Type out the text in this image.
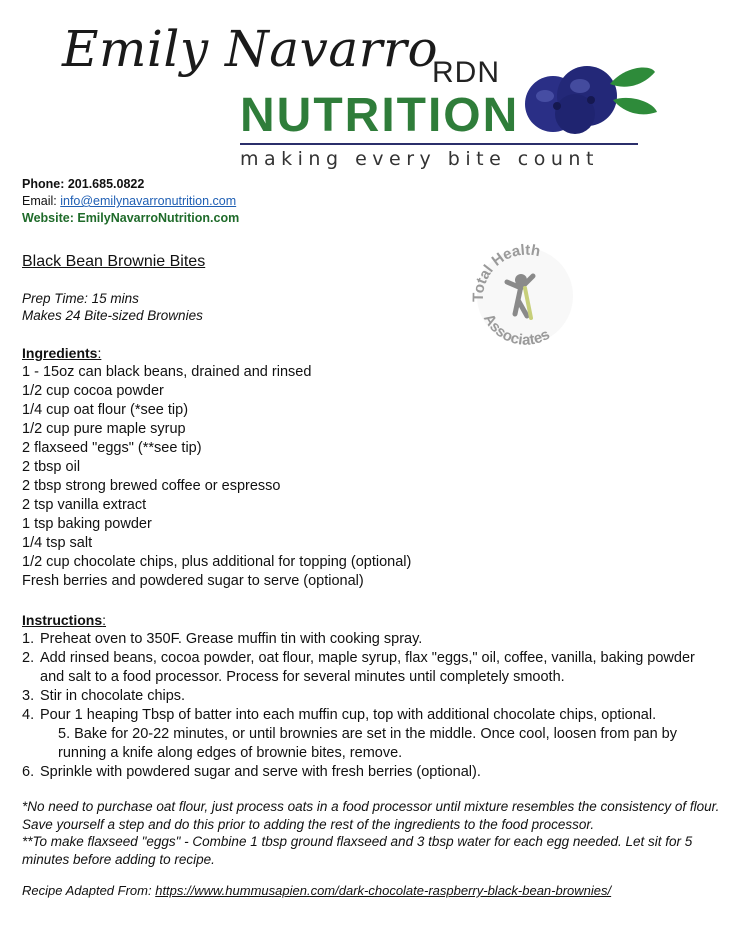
Emily Navarro
RDN
NUTRITION
making every bite count
Phone: 201.685.0822
Email: info@emilynavarronutrition.com
Website: EmilyNavarroNutrition.com
Total Health
Associates
Black Bean Brownie Bites
Prep Time: 15 mins
Makes 24 Bite-sized Brownies
Ingredients:
1 - 15oz can black beans, drained and rinsed
1/2 cup cocoa powder
1/4 cup oat flour (*see tip)
1/2 cup pure maple syrup
2 flaxseed "eggs" (**see tip)
2 tbsp oil
2 tbsp strong brewed coffee or espresso
2 tsp vanilla extract
1 tsp baking powder
1/4 tsp salt
1/2 cup chocolate chips, plus additional for topping (optional)
Fresh berries and powdered sugar to serve (optional)
Instructions:
1. Preheat oven to 350F. Grease muffin tin with cooking spray.
2. Add rinsed beans, cocoa powder, oat flour, maple syrup, flax "eggs," oil, coffee, vanilla, baking powder and salt to a food processor. Process for several minutes until completely smooth.
3. Stir in chocolate chips.
4. Pour 1 heaping Tbsp of batter into each muffin cup, top with additional chocolate chips, optional.
5. Bake for 20-22 minutes, or until brownies are set in the middle. Once cool, loosen from pan by running a knife along edges of brownie bites, remove.
6. Sprinkle with powdered sugar and serve with fresh berries (optional).
*No need to purchase oat flour, just process oats in a food processor until mixture resembles the consistency of flour. Save yourself a step and do this prior to adding the rest of the ingredients to the food processor.
**To make flaxseed "eggs" - Combine 1 tbsp ground flaxseed and 3 tbsp water for each egg needed. Let sit for 5 minutes before adding to recipe.
Recipe Adapted From: https://www.hummusapien.com/dark-chocolate-raspberry-black-bean-brownies/
